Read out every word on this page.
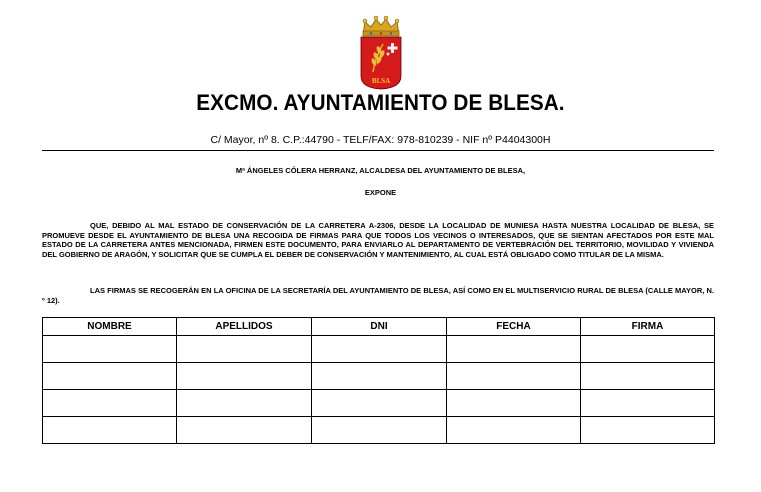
BLSA
EXCMO. AYUNTAMIENTO DE BLESA.
C/ Mayor, nº 8. C.P.:44790 - TELF/FAX: 978-810239 - NIF nº P4404300H
Mª ÁNGELES CÓLERA HERRANZ, ALCALDESA DEL AYUNTAMIENTO DE BLESA,
EXPONE

QUE, DEBIDO AL MAL ESTADO DE CONSERVACIÓN DE LA CARRETERA A-2306, DESDE LA LOCALIDAD DE MUNIESA HASTA NUESTRA LOCALIDAD DE BLESA, SE PROMUEVE DESDE EL AYUNTAMIENTO DE BLESA UNA RECOGIDA DE FIRMAS PARA QUE TODOS LOS VECINOS O INTERESADOS, QUE SE SIENTAN AFECTADOS POR ESTE MAL ESTADO DE LA CARRETERA ANTES MENCIONADA, FIRMEN ESTE DOCUMENTO, PARA ENVIARLO AL DEPARTAMENTO DE VERTEBRACIÓN DEL TERRITORIO, MOVILIDAD Y VIVIENDA DEL GOBIERNO DE ARAGÓN, Y SOLICITAR QUE SE CUMPLA EL DEBER DE CONSERVACIÓN Y MANTENIMIENTO, AL CUAL ESTÁ OBLIGADO COMO TITULAR DE LA MISMA.

LAS FIRMAS SE RECOGERÁN EN LA OFICINA DE LA SECRETARÍA DEL AYUNTAMIENTO DE BLESA, ASÍ COMO EN EL MULTISERVICIO RURAL DE BLESA (CALLE MAYOR, N. º 12).

NOMBRE	APELLIDOS	DNI	FECHA	FIRMA
